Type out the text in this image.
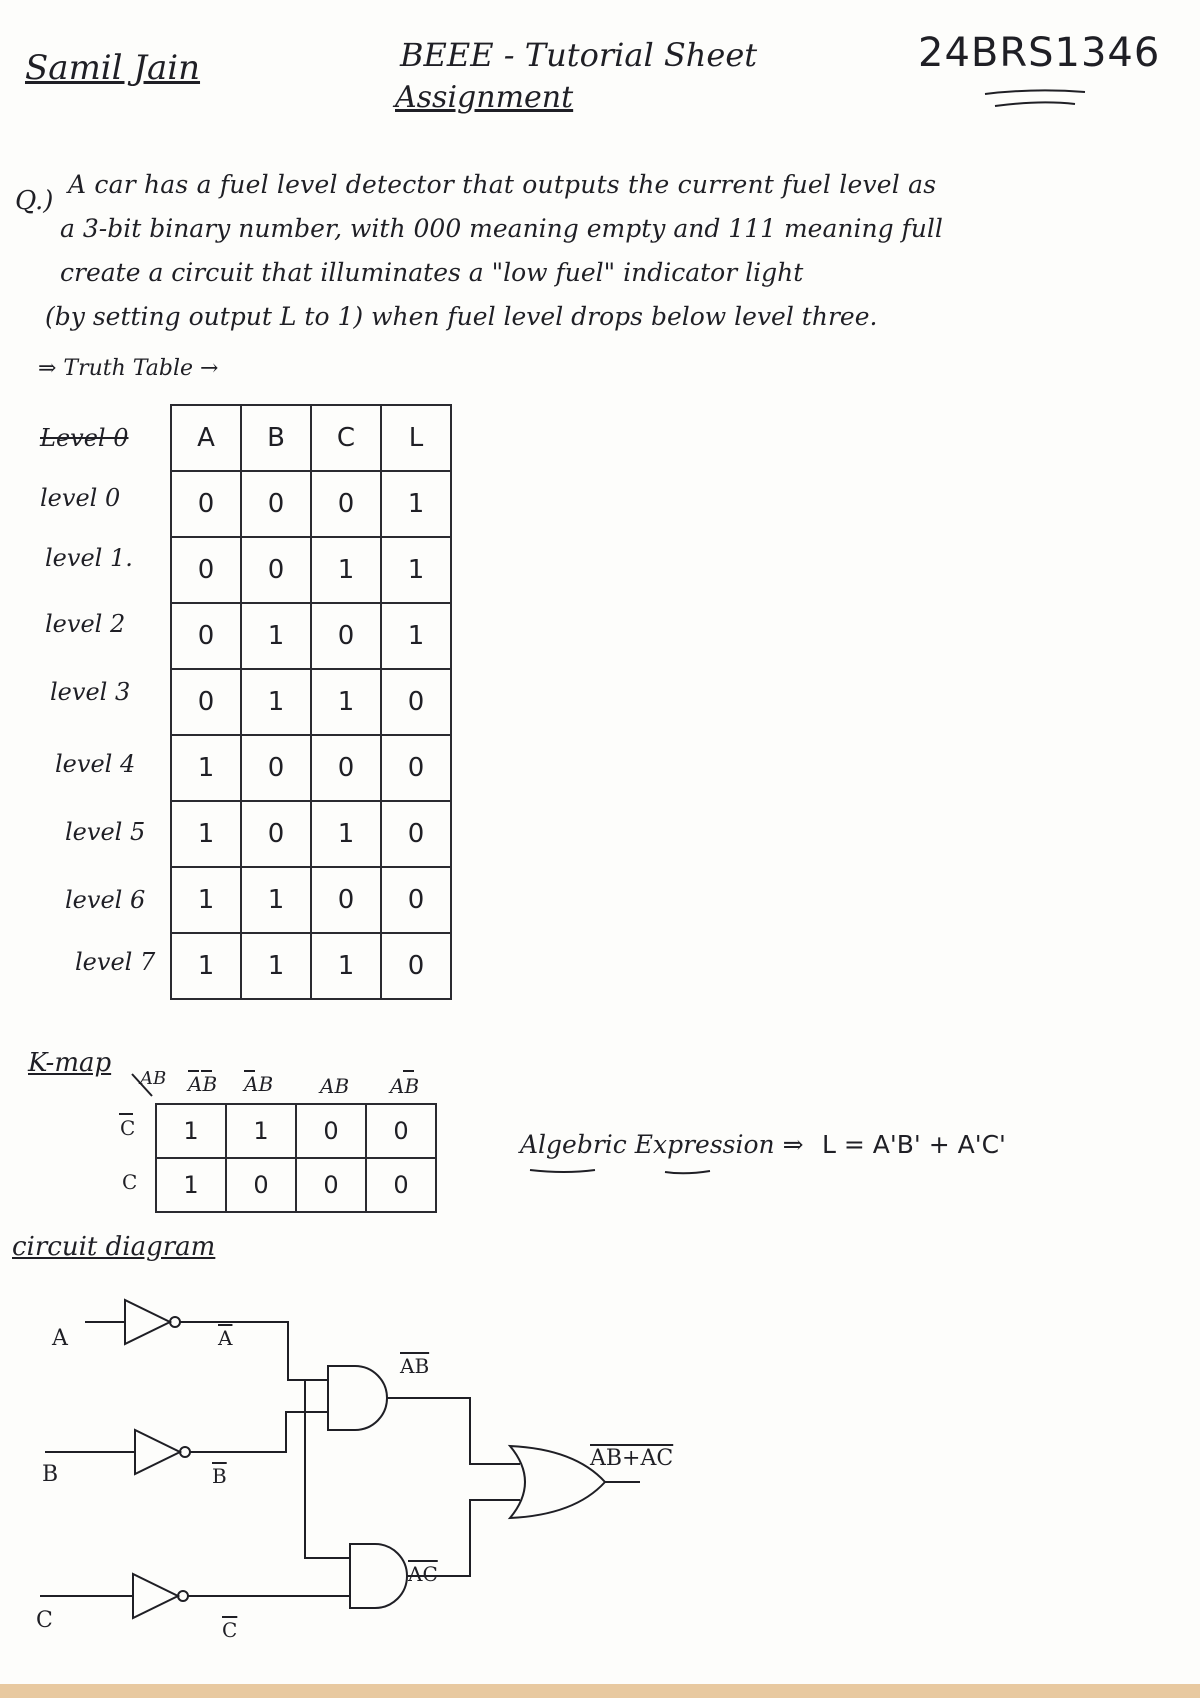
Samil Jain	BEEE - Tutorial Sheet
Assignment
24BRS1346
Q.)
A car has a fuel level detector that outputs the current fuel level as
a 3-bit binary number, with 000 meaning empty and 111 meaning full
create a circuit that illuminates a "low fuel" indicator light
(by setting output L to 1) when fuel level drops below level three.
⇒ Truth Table →
Level 0
level 0
level 1.
level 2
level 3
level 4
level 5
level 6
level 7
A	B	C	L
0	0	0	1
0	0	1	1
0	1	0	1
0	1	1	0
1	0	0	0
1	0	1	0
1	1	0	0
1	1	1	0
K-map
AB AB AB AB AB
C
C
1	1	0	0
1	0	0	0
Algebric Expression ⇒ L = A'B' + A'C'
circuit diagram
A
B
C
$\overline{A}$
$\overline{B}$
$\overline{C}$
$\overline{AB}$
$\overline{AC}$
AB+AC
